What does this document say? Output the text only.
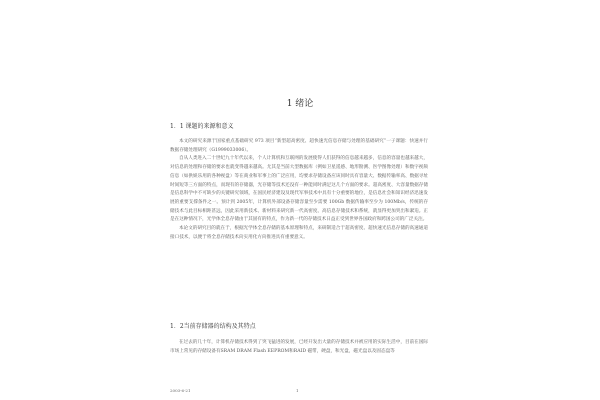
1 绪论
1．1 课题的来源和意义

本文的研究来源于国家重点基础研究 973 项目“新型超高密度、超快速光信息存储与处理的基础研究”一子课题：快速并行数据存储处理研究（G1999033006）。

自从人类进入二十世纪九十年代以来，个人计算机和互联网的发展使得人们获得的信息越来越多，信息的容量也越来越大，对信息的处理和存储的要求也就变得越来越高。尤其是当前大型数据库（例如卫星遥感、地形勘测、医学图像处理）和数字视频信息（如供娱乐用的各种视盘）等在商业和军事上的广泛应用，均要求存储设备应该同时具有容量大、数据传输率高、数据寻址时间短等三方面的特点，而现有的存储器，光存储等技术还没有一种能同时满足这几个方面的要求。超高密度、大容量数据存储是信息科学中不可缺少的关键研究领域，在国民经济建设及现代军事技术中具有十分重要的地位，是信息社会和知识经济迅速发展的重要支撑条件之一。预计到 2005年，计算机外部设备存储容量至少需要 100Gb 数据传输率至少为 100Mb/s，传统的存储技术与此目标相距甚远，因此采用新技术、新材料来研究新一代高密度、高信息存储技术和系统，就显得更加突出和紧迫。正是在这种情况下，光学体全息存储由于其固有的特点，作为新一代的存储技术日益正受到世界各国政府和跨国公司的广泛关注。

本论文的研究目的就在于，根据光学体全息存储的基本原理和特点，来研制适合于超高密度、超快速光信息存储的高速通道接口技术，以便于将全息存储技术向实用化方向推进具有重要意义。

1．2当前存储器的结构及其特点

在过去的几十年，计算机存储技术得到了突飞猛进的发展，已经开发出大量的存储技术并被应用的实际生活中，目前在国际市场上常见的存储设备有SRAM DRAM Flash EEPROM和RAID 磁带，硬盘，和光盘，磁光盘以及固态盘等

2003-6-21	1
